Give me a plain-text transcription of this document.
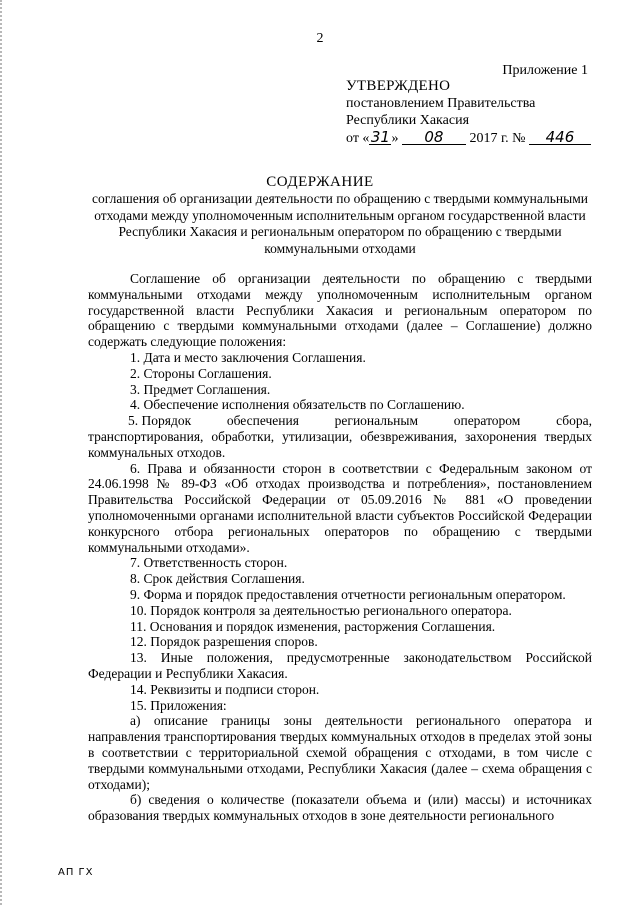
2
Приложение 1
УТВЕРЖДЕНО
постановлением Правительства
Республики Хакасия
от «31» 08 2017 г. № 446
СОДЕРЖАНИЕ
соглашения об организации деятельности по обращению с твердыми коммунальными отходами между уполномоченным исполнительным органом государственной власти Республики Хакасия и региональным оператором по обращению с твердыми коммунальными отходами

Соглашение об организации деятельности по обращению с твердыми коммунальными отходами между уполномоченным исполнительным органом государственной власти Республики Хакасия и региональным оператором по обращению с твердыми коммунальными отходами (далее – Соглашение) должно содержать следующие положения:

1. Дата и место заключения Соглашения.

2. Стороны Соглашения.

3. Предмет Соглашения.

4. Обеспечение исполнения обязательств по Соглашению.

5. Порядок	обеспечения	региональным	оператором	сбора,

транспортирования, обработки, утилизации, обезвреживания, захоронения твердых коммунальных отходов.

6. Права и обязанности сторон в соответствии с Федеральным законом от 24.06.1998 № 89-ФЗ «Об отходах производства и потребления», постановлением Правительства Российской Федерации от 05.09.2016 № 881 «О проведении уполномоченными органами исполнительной власти субъектов Российской Федерации конкурсного отбора региональных операторов по обращению с твердыми коммунальными отходами».

7. Ответственность сторон.

8. Срок действия Соглашения.

9. Форма и порядок предоставления отчетности региональным оператором.

10. Порядок контроля за деятельностью регионального оператора.

11. Основания и порядок изменения, расторжения Соглашения.

12. Порядок разрешения споров.

13. Иные положения, предусмотренные законодательством Российской Федерации и Республики Хакасия.

14. Реквизиты и подписи сторон.

15. Приложения:

а) описание границы зоны деятельности регионального оператора и направления транспортирования твердых коммунальных отходов в пределах этой зоны в соответствии с территориальной схемой обращения с отходами, в том числе с твердыми коммунальными отходами, Республики Хакасия (далее – схема обращения с отходами);

б) сведения о количестве (показатели объема и (или) массы) и источниках образования твердых коммунальных отходов в зоне деятельности регионального

АП ГХ
